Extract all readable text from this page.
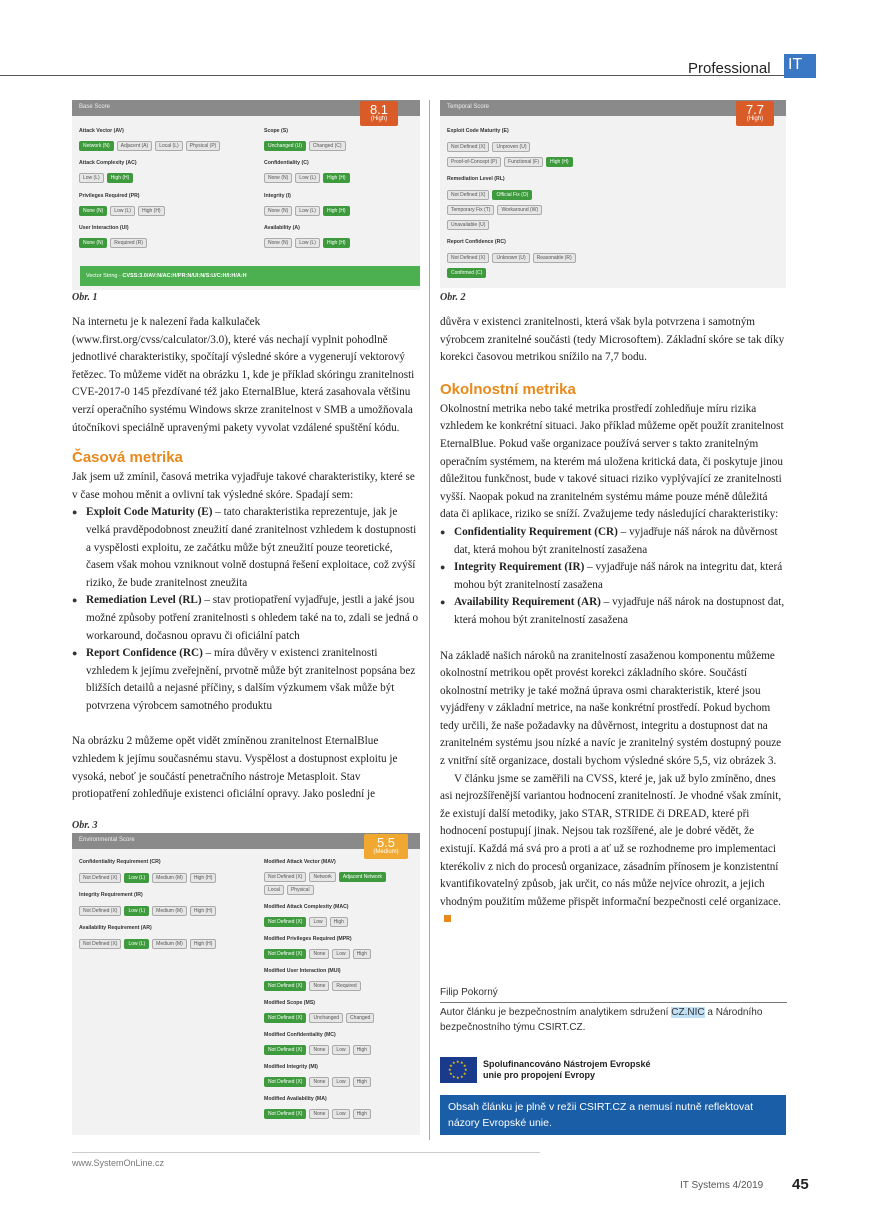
Professional IT
Base Score	8.1
(High)
Vector String - CVSS:3.0/AV:N/AC:H/PR:N/UI:N/S:U/C:H/I:H/A:H
Attack Vector (AV)
Network (N)	Adjacent (A)	Local (L)	Physical (P)
Attack Complexity (AC)
Low (L)	High (H)
Privileges Required (PR)
None (N)	Low (L)	High (H)
User Interaction (UI)
None (N)	Required (R)
Scope (S)
Unchanged (U)	Changed (C)
Confidentiality (C)
None (N)	Low (L)	High (H)
Integrity (I)
None (N)	Low (L)	High (H)
Availability (A)
None (N)	Low (L)	High (H)
Obr. 1
Temporal Score	7.7
(High)
Exploit Code Maturity (E)
Not Defined (X)	Unproven (U)
Proof-of-Concept (P)	Functional (F)	High (H)
Remediation Level (RL)
Not Defined (X)	Official Fix (O)
Temporary Fix (T)	Workaround (W)
Unavailable (U)
Report Confidence (RC)
Not Defined (X)	Unknown (U)	Reasonable (R)
Confirmed (C)
Obr. 2

Na internetu je k nalezení řada kalkulaček (www.first.org/cvss/calculator/3.0), které vás nechají vyplnit pohodlně jednotlivé charakteristiky, spočítají výsledné skóre a vygenerují vektorový řetězec. To můžeme vidět na obrázku 1, kde je příklad skóringu zranitelnosti CVE-2017-0 145 přezdívané též jako EternalBlue, která zasahovala většinu verzí operačního systému Windows skrze zranitelnost v SMB a umožňovala útočníkovi speciálně upravenými pakety vyvolat vzdálené spuštění kódu.

Časová metrika

Jak jsem už zmínil, časová metrika vyjadřuje takové charakteristiky, které se v čase mohou měnit a ovlivní tak výsledné skóre. Spadají sem:

● Exploit Code Maturity (E) – tato charakteristika reprezentuje, jak je velká pravděpodobnost zneužití dané zranitelnost vzhledem k dostupnosti a vyspělosti exploitu, ze začátku může být zneužití pouze teoretické, časem však mohou vzniknout volně dostupná řešení exploitace, což zvýší riziko, že bude zranitelnost zneužita
● Remediation Level (RL) – stav protiopatření vyjadřuje, jestli a jaké jsou možné způsoby potření zranitelnosti s ohledem také na to, zdali se jedná o workaround, dočasnou opravu či oficiální patch
● Report Confidence (RC) – míra důvěry v existenci zranitelnosti vzhledem k jejímu zveřejnění, prvotně může být zranitelnost popsána bez bližších detailů a nejasné příčiny, s dalším výzkumem však může být potvrzena výrobcem samotného produktu

Na obrázku 2 můžeme opět vidět zmíněnou zranitelnost EternalBlue vzhledem k jejímu současnému stavu. Vyspělost a dostupnost exploitu je vysoká, neboť je součástí penetračního nástroje Metasploit. Stav protiopatření zohledňuje existenci oficiální opravy. Jako poslední je

Obr. 3
Environmental Score	5.5
(Medium)
Confidentiality Requirement (CR)
Not Defined (X)	Low (L)	Medium (M)	High (H)
Integrity Requirement (IR)
Not Defined (X)	Low (L)	Medium (M)	High (H)
Availability Requirement (AR)
Not Defined (X)	Low (L)	Medium (M)	High (H)
Modified Attack Vector (MAV)
Not Defined (X)	Network	Adjacent Network
Local	Physical
Modified Attack Complexity (MAC)
Not Defined (X)	Low	High
Modified Privileges Required (MPR)
Not Defined (X)	None	Low	High
Modified User Interaction (MUI)
Not Defined (X)	None	Required
Modified Scope (MS)
Not Defined (X)	Unchanged	Changed
Modified Confidentiality (MC)
Not Defined (X)	None	Low	High
Modified Integrity (MI)
Not Defined (X)	None	Low	High
Modified Availability (MA)
Not Defined (X)	None	Low	High

důvěra v existenci zranitelnosti, která však byla potvrzena i samotným výrobcem zranitelné součásti (tedy Microsoftem). Základní skóre se tak díky korekci časovou metrikou snížilo na 7,7 bodu.

Okolnostní metrika

Okolnostní metrika nebo také metrika prostředí zohledňuje míru rizika vzhledem ke konkrétní situaci. Jako příklad můžeme opět použít zranitelnost EternalBlue. Pokud vaše organizace používá server s takto zranitelným operačním systémem, na kterém má uložena kritická data, či poskytuje jinou důležitou funkčnost, bude v takové situaci riziko vyplývající ze zranitelnosti vyšší. Naopak pokud na zranitelném systému máme pouze méně důležitá data či aplikace, riziko se sníží. Zvažujeme tedy následující charakteristiky:

● Confidentiality Requirement (CR) – vyjadřuje náš nárok na důvěrnost dat, která mohou být zranitelností zasažena
● Integrity Requirement (IR) – vyjadřuje náš nárok na integritu dat, která mohou být zranitelností zasažena
● Availability Requirement (AR) – vyjadřuje náš nárok na dostupnost dat, která mohou být zranitelností zasažena

Na základě našich nároků na zranitelností zasaženou komponentu můžeme okolnostní metrikou opět provést korekci základního skóre. Součástí okolnostní metriky je také možná úprava osmi charakteristik, které jsou vyjádřeny v základní metrice, na naše konkrétní prostředí. Pokud bychom tedy určili, že naše požadavky na důvěrnost, integritu a dostupnost dat na zranitelném systému jsou nízké a navíc je zranitelný systém dostupný pouze z vnitřní sítě organizace, dostali bychom výsledné skóre 5,5, viz obrázek 3.

V článku jsme se zaměřili na CVSS, které je, jak už bylo zmíněno, dnes asi nejrozšířenější variantou hodnocení zranitelností. Je vhodné však zmínit, že existují další metodiky, jako STAR, STRIDE či DREAD, které při hodnocení postupují jinak. Nejsou tak rozšířené, ale je dobré vědět, že existují. Každá má svá pro a proti a ať už se rozhodneme pro implementaci kterékoliv z nich do procesů organizace, zásadním přínosem je konzistentní kvantifikovatelný způsob, jak určit, co nás může nejvíce ohrozit, a jejich vhodným použitím můžeme přispět informační bezpečnosti celé organizace.

Filip Pokorný
Autor článku je bezpečnostním analytikem sdružení CZ.NIC a Národního bezpečnostního týmu CSIRT.CZ.
★
★
★
★
★
★
★
★
★ ★ ★
★ Spolufinancováno Nástrojem Evropské
unie pro propojení Evropy
Obsah článku je plně v režii CSIRT.CZ a nemusí nutně reflektovat názory Evropské unie.
www.SystemOnLine.cz
IT Systems 4/2019 45
